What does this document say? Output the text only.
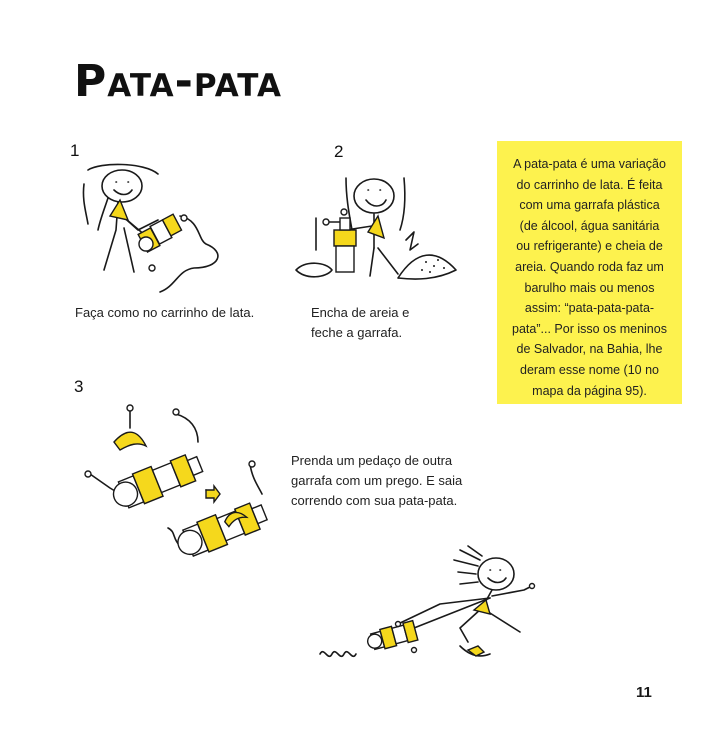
Pata-pata
1
Faça como no carrinho de lata.
2
Encha de areia e
feche a garrafa.
A pata-pata é uma variação
do carrinho de lata. É feita
com uma garrafa plástica
(de álcool, água sanitária
ou refrigerante) e cheia de
areia. Quando roda faz um
barulho mais ou menos
assim: “pata-pata-pata-
pata”... Por isso os meninos
de Salvador, na Bahia, lhe
deram esse nome (10 no
mapa da página 95).
3
Prenda um pedaço de outra
garrafa com um prego. E saia
correndo com sua pata-pata.
11
